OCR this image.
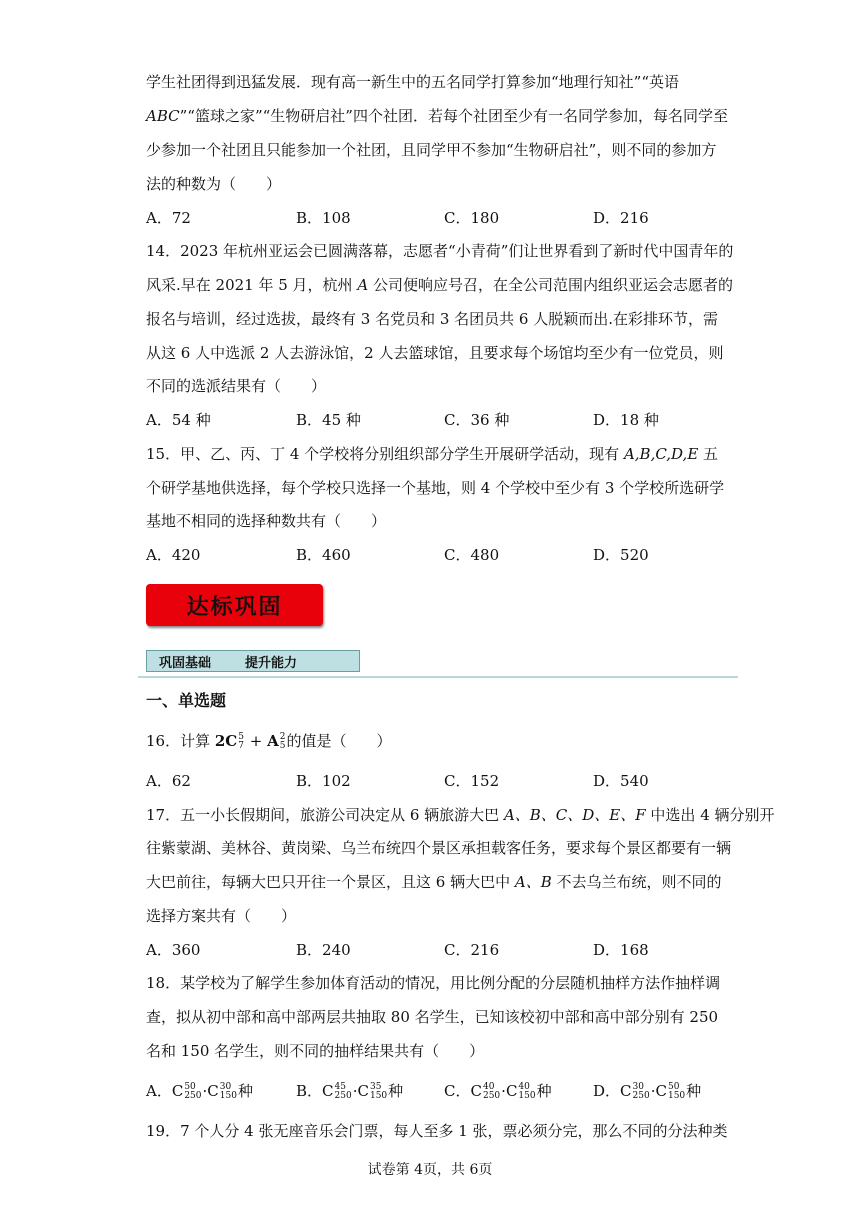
学生社团得到迅猛发展．现有高一新生中的五名同学打算参加“地理行知社”“英语
ABC”“篮球之家”“生物研启社”四个社团．若每个社团至少有一名同学参加，每名同学至
少参加一个社团且只能参加一个社团，且同学甲不参加“生物研启社”，则不同的参加方
法的种数为（　　）
A．72	B．108	C．180	D．216
14．2023 年杭州亚运会已圆满落幕，志愿者“小青荷”们让世界看到了新时代中国青年的
风采.早在 2021 年 5 月，杭州 A 公司便响应号召，在全公司范围内组织亚运会志愿者的
报名与培训，经过选拔，最终有 3 名党员和 3 名团员共 6 人脱颖而出.在彩排环节，需
从这 6 人中选派 2 人去游泳馆，2 人去篮球馆，且要求每个场馆均至少有一位党员，则
不同的选派结果有（　　）
A．54 种	B．45 种	C．36 种	D．18 种
15．甲、乙、丙、丁 4 个学校将分别组织部分学生开展研学活动，现有 A,B,C,D,E 五
个研学基地供选择，每个学校只选择一个基地，则 4 个学校中至少有 3 个学校所选研学
基地不相同的选择种数共有（　　）
A．420	B．460	C．480	D．520
达标巩固
巩固基础	提升能力
一、单选题
16．计算 2C 5
7 + A 2
5 的值是（　　）
A．62	B．102	C．152	D．540
17．五一小长假期间，旅游公司决定从 6 辆旅游大巴 A、B、C、D、E、F 中选出 4 辆分别开
往紫蒙湖、美林谷、黄岗梁、乌兰布统四个景区承担载客任务，要求每个景区都要有一辆
大巴前往，每辆大巴只开往一个景区，且这 6 辆大巴中 A、B 不去乌兰布统，则不同的
选择方案共有（　　）
A．360	B．240	C．216	D．168
18．某学校为了解学生参加体育活动的情况，用比例分配的分层随机抽样方法作抽样调
查，拟从初中部和高中部两层共抽取 80 名学生，已知该校初中部和高中部分别有 250
名和 150 名学生，则不同的抽样结果共有（　　）
A．C 50
250 ·C 30
150 种	B．C 45
250 ·C 35
150 种	C．C 40
250 ·C 40
150 种	D．C 30
250 ·C 50
150 种
19．7 个人分 4 张无座音乐会门票，每人至多 1 张，票必须分完，那么不同的分法种类
试卷第 4页，共 6页
